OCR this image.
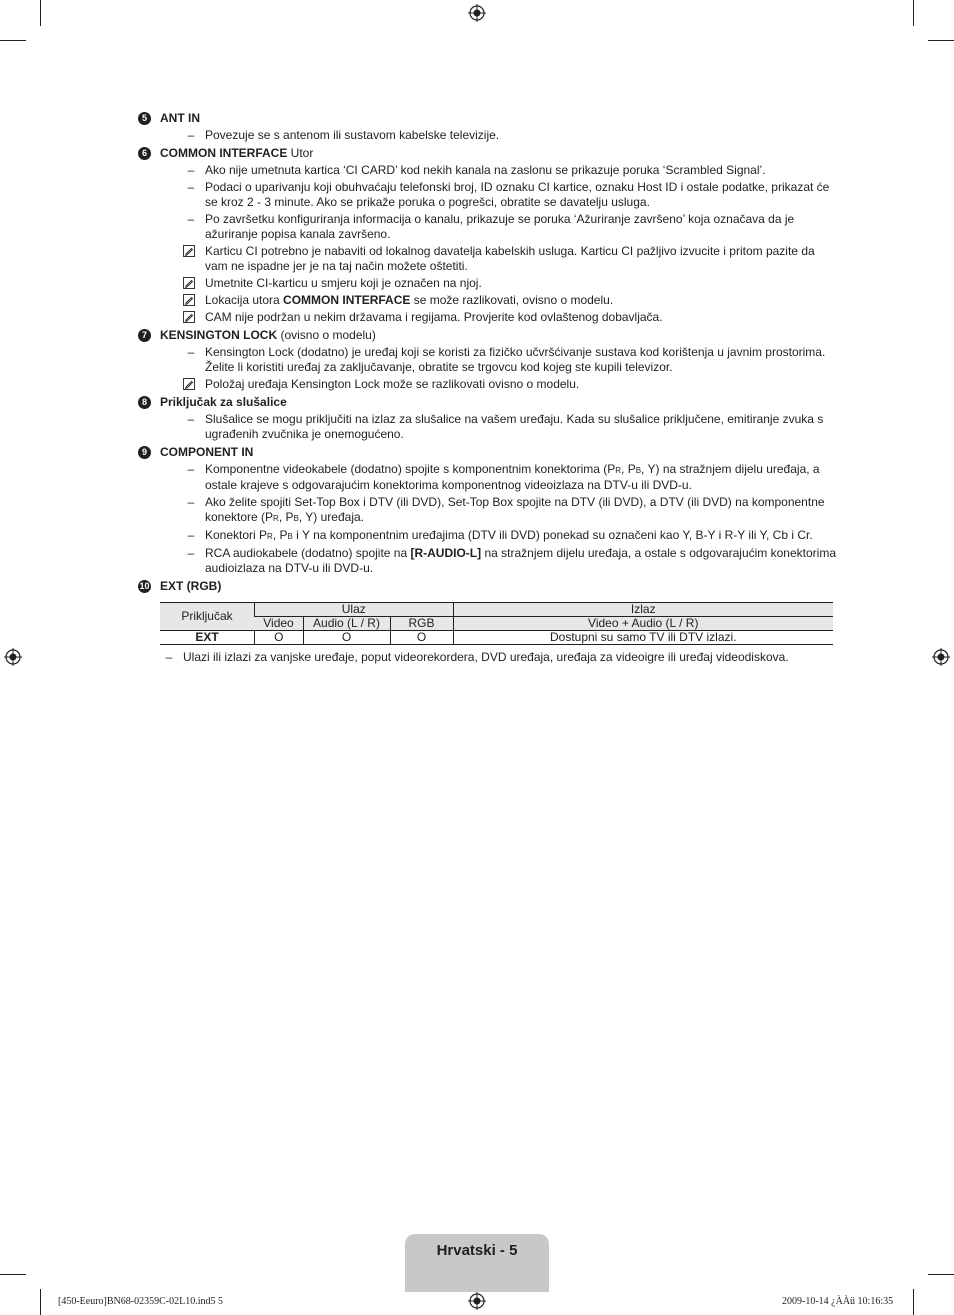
5	ANT IN
– Povezuje se s antenom ili sustavom kabelske televizije.
6	COMMON INTERFACE Utor
– Ako nije umetnuta kartica ‘CI CARD’ kod nekih kanala na zaslonu se prikazuje poruka ‘Scrambled Signal’.
– Podaci o uparivanju koji obuhvaćaju telefonski broj, ID oznaku CI kartice, oznaku Host ID i ostale podatke, prikazat će se kroz 2 - 3 minute. Ako se prikaže poruka o pogrešci, obratite se davatelju usluga.
– Po završetku konfiguriranja informacija o kanalu, prikazuje se poruka ‘Ažuriranje završeno’ koja označava da je ažuriranje popisa kanala završeno.
Karticu CI potrebno je nabaviti od lokalnog davatelja kabelskih usluga. Karticu CI pažljivo izvucite i pritom pazite da vam ne ispadne jer je na taj način možete oštetiti.
Umetnite CI-karticu u smjeru koji je označen na njoj.
Lokacija utora COMMON INTERFACE se može razlikovati, ovisno o modelu.
CAM nije podržan u nekim državama i regijama. Provjerite kod ovlaštenog dobavljača.
7	KENSINGTON LOCK (ovisno o modelu)
– Kensington Lock (dodatno) je uređaj koji se koristi za fizičko učvršćivanje sustava kod korištenja u javnim prostorima. Želite li koristiti uređaj za zaključavanje, obratite se trgovcu kod kojeg ste kupili televizor.
Položaj uređaja Kensington Lock može se razlikovati ovisno o modelu.
8	Priključak za slušalice
– Slušalice se mogu priključiti na izlaz za slušalice na vašem uređaju. Kada su slušalice priključene, emitiranje zvuka s ugrađenih zvučnika je onemogućeno.
9	COMPONENT IN
– Komponentne videokabele (dodatno) spojite s komponentnim konektorima (PR, PB, Y) na stražnjem dijelu uređaja, a ostale krajeve s odgovarajućim konektorima komponentnog videoizlaza na DTV-u ili DVD-u.
– Ako želite spojiti Set-Top Box i DTV (ili DVD), Set-Top Box spojite na DTV (ili DVD), a DTV (ili DVD) na komponentne konektore (PR, PB, Y) uređaja.
– Konektori PR, PB i Y na komponentnim uređajima (DTV ili DVD) ponekad su označeni kao Y, B-Y i R-Y ili Y, Cb i Cr.
– RCA audiokabele (dodatno) spojite na [R-AUDIO-L] na stražnjem dijelu uređaja, a ostale s odgovarajućim konektorima audioizlaza na DTV-u ili DVD-u.
10 EXT (RGB)
Priključak	Ulaz			Izlaz
	Video	Audio (L / R)	RGB	Video + Audio (L / R)
EXT	O	O	O	Dostupni su samo TV ili DTV izlazi.
– Ulazi ili izlazi za vanjske uređaje, poput videorekordera, DVD uređaja, uređaja za videoigre ili uređaj videodiskova.
Hrvatski - 5
[450-Eeuro]BN68-02359C-02L10.ind5 5	2009-10-14 ¿ÀÀü 10:16:35
